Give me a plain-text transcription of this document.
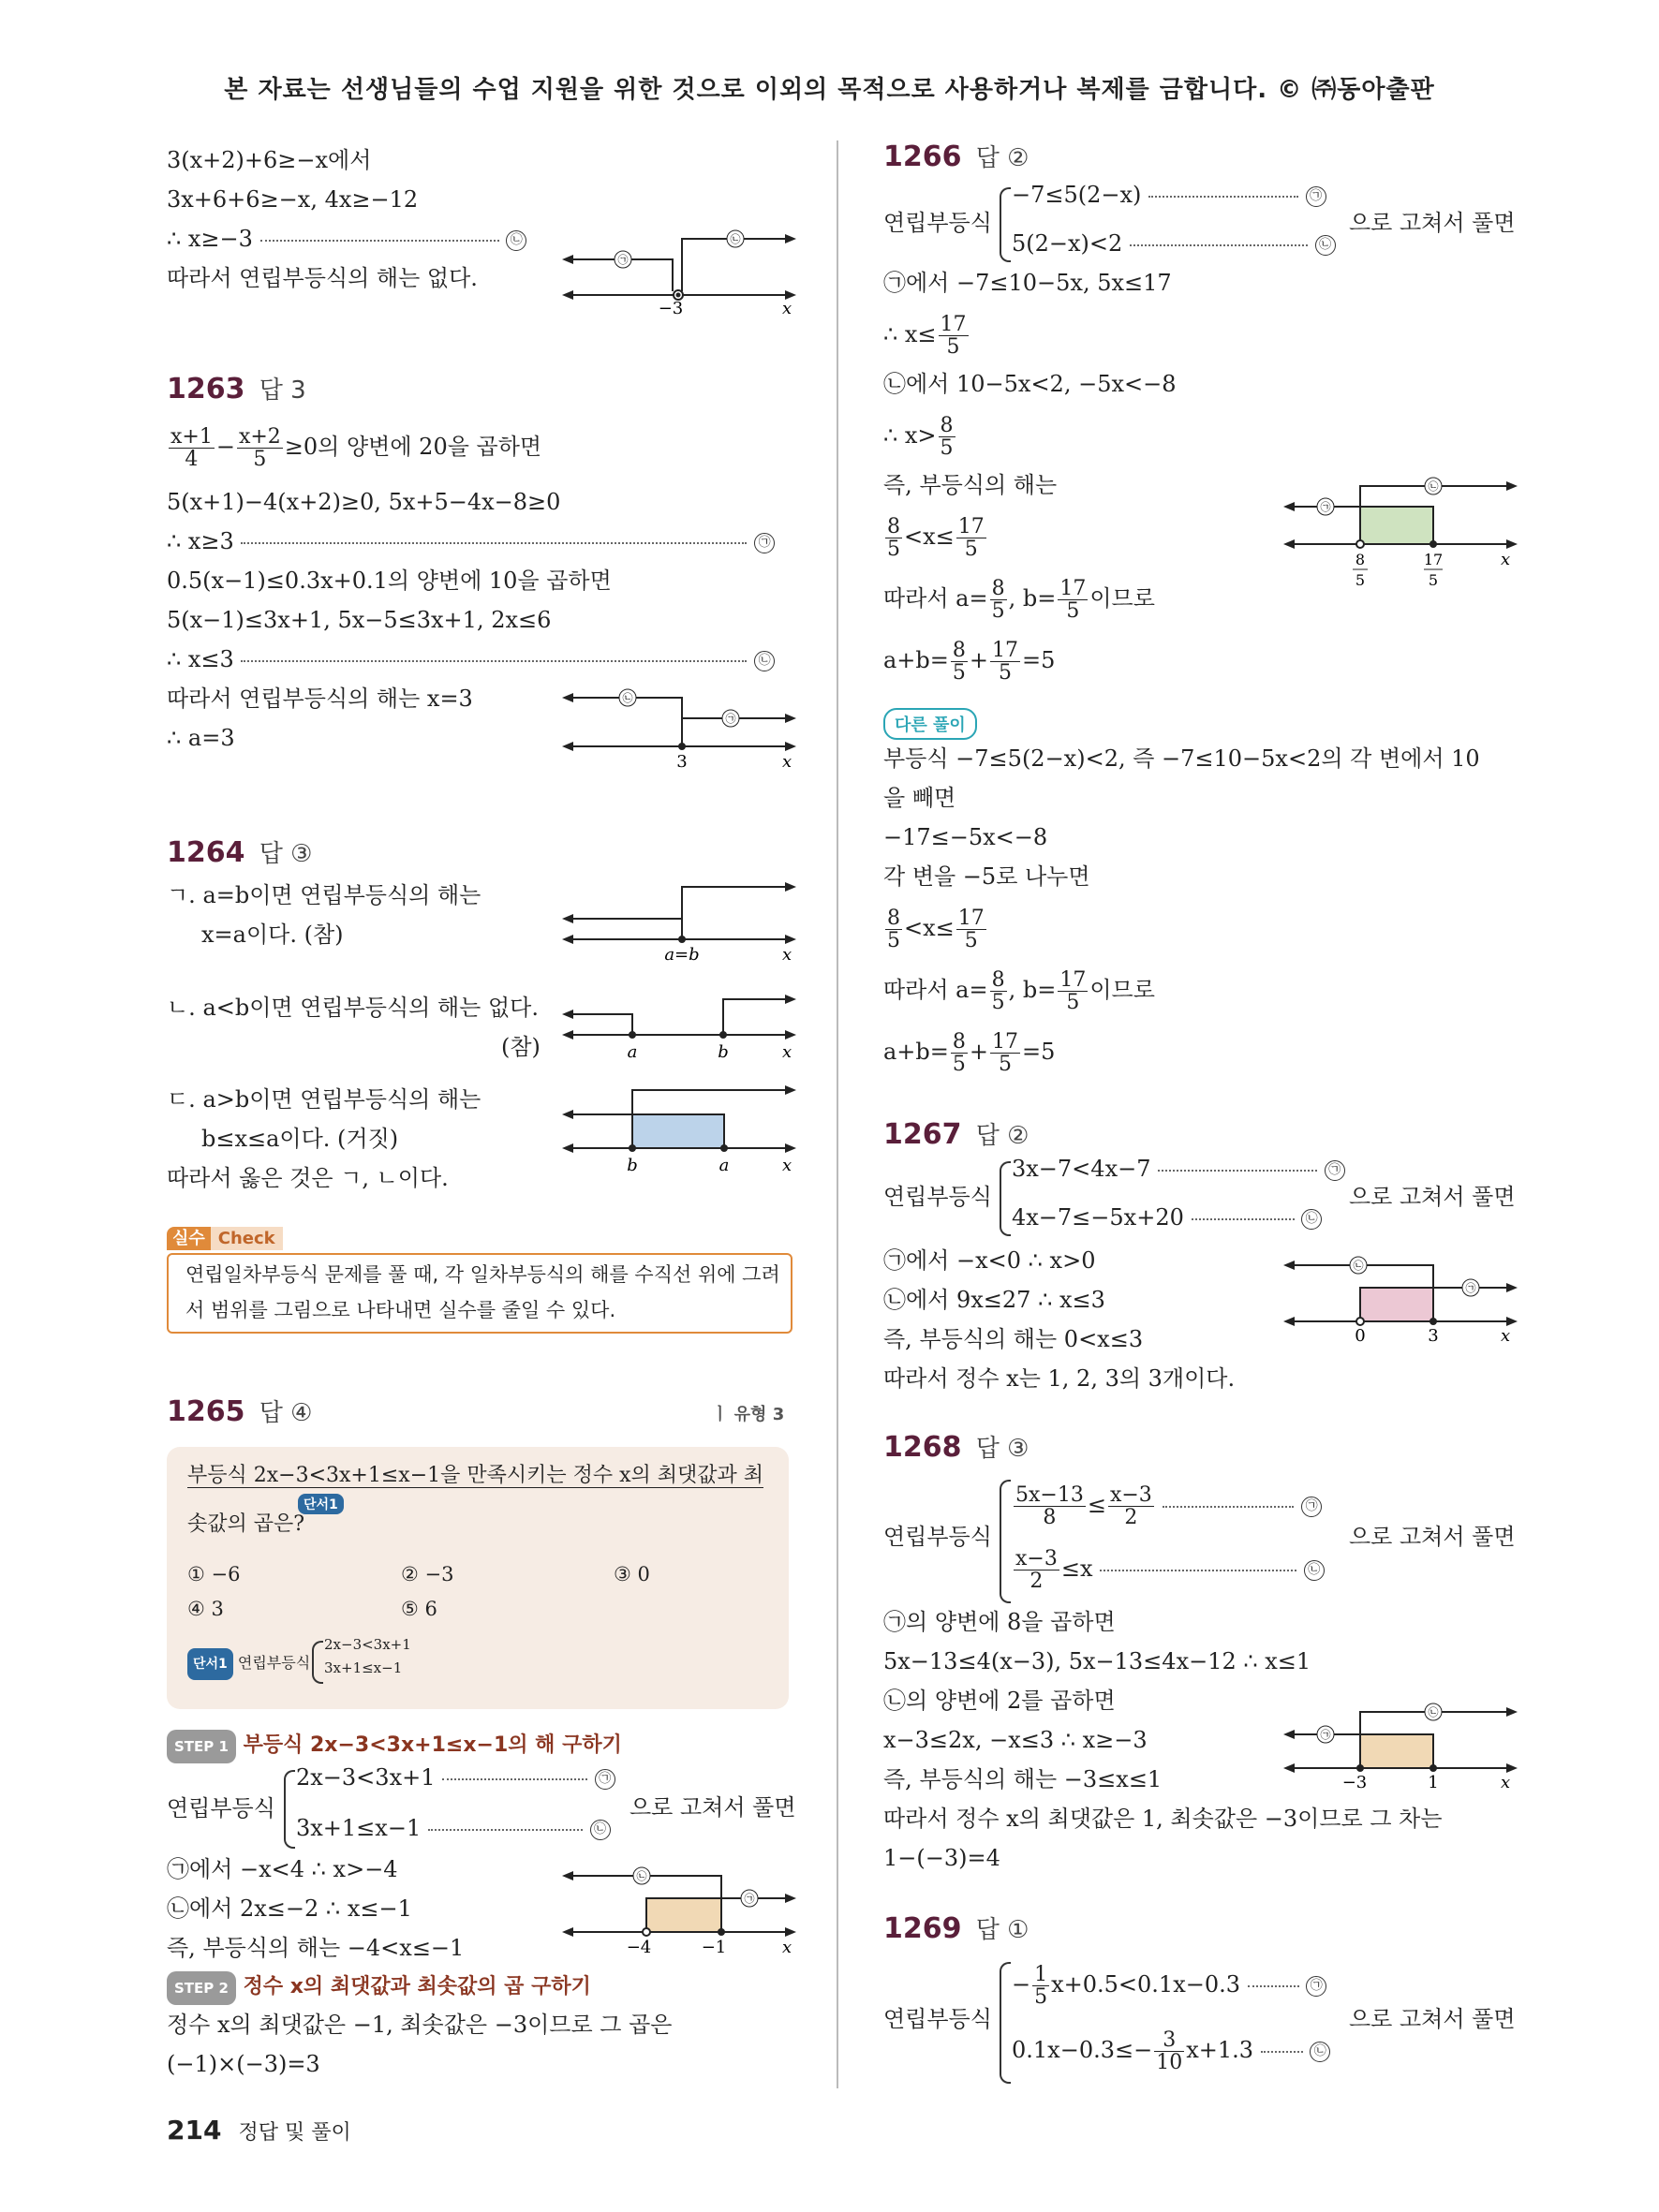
본 자료는 선생님들의 수업 지원을 위한 것으로 이외의 목적으로 사용하거나 복제를 금합니다. © ㈜동아출판
3(x+2)+6≥−x에서
3x+6+6≥−x, 4x≥−12
∴ x≥−3	㉡
따라서 연립부등식의 해는 없다.
㉠
㉡
−3	x
1263 답 3
$\frac{x+1}{4} - \frac{x+2}{5} \ge 0$의 양변에 20을 곱하면
5(x+1)−4(x+2)≥0, 5x+5−4x−8≥0
∴ x≥3	㉠
0.5(x−1)≤0.3x+0.1의 양변에 10을 곱하면
5(x−1)≤3x+1, 5x−5≤3x+1, 2x≤6
∴ x≤3	㉡
따라서 연립부등식의 해는 x=3
∴ a=3
㉡
㉠
3	x
1264 답 ③
ㄱ. a=b이면 연립부등식의 해는
x=a이다. (참)
a=b	x
ㄴ. a<b이면 연립부등식의 해는 없다.
(참)	a	b	x
ㄷ. a>b이면 연립부등식의 해는
b≤x≤a이다. (거짓)
따라서 옳은 것은 ㄱ, ㄴ이다.	b	a	x
실수 Check
연립일차부등식 문제를 풀 때, 각 일차부등식의 해를 수직선 위에 그려
서 범위를 그림으로 나타내면 실수를 줄일 수 있다.
1265 답 ④	ㅣ 유형 3
부등식 2x−3<3x+1≤x−1을 만족시키는 정수 x의 최댓값과 최
단서1
솟값의 곱은?
① −6	② −3	③ 0
④ 3	⑤ 6
단서1 연립부등식
2x−3<3x+1
3x+1≤x−1
STEP 1 부등식 2x−3<3x+1≤x−1의 해 구하기
연립부등식
2x−3<3x+1	㉠
3x+1≤x−1	㉡
으로 고쳐서 풀면
㉠에서 −x<4 ∴ x>−4
㉡에서 2x≤−2 ∴ x≤−1
즉, 부등식의 해는 −4<x≤−1
㉡
㉠
−4	−1	x
STEP 2 정수 x의 최댓값과 최솟값의 곱 구하기
정수 x의 최댓값은 −1, 최솟값은 −3이므로 그 곱은
(−1)×(−3)=3
214 정답 및 풀이
1266 답 ②
연립부등식
−7≤5(2−x)	㉠
5(2−x)<2	㉡
으로 고쳐서 풀면
㉠에서 −7≤10−5x, 5x≤17
∴ $x\le \frac{17}{5}$
㉡에서 10−5x<2, −5x<−8
∴ $x> \frac{8}{5}$
즉, 부등식의 해는
$\frac{8}{5} <x\le \frac{17}{5}$
따라서 $a= \frac{8}{5}$ , $b= \frac{17}{5}$ 이므로
$a+b= \frac{8}{5} + \frac{17}{5} =5$
㉠
㉡
8
5
17
5
x
다른 풀이
부등식 −7≤5(2−x)<2, 즉 −7≤10−5x<2의 각 변에서 10
을 빼면
−17≤−5x<−8
각 변을 −5로 나누면
$\frac{8}{5} <x\le \frac{17}{5}$
따라서 $a= \frac{8}{5}$ , $b= \frac{17}{5}$ 이므로
$a+b= \frac{8}{5} + \frac{17}{5} =5$
1267 답 ②
연립부등식
3x−7<4x−7	㉠
4x−7≤−5x+20	㉡
으로 고쳐서 풀면
㉠에서 −x<0 ∴ x>0
㉡에서 9x≤27 ∴ x≤3
즉, 부등식의 해는 0<x≤3
따라서 정수 x는 1, 2, 3의 3개이다.
㉡
㉠
0	3	x
1268 답 ③
연립부등식
$\frac{5x-13}{8} \le \frac{x-3}{2}$	㉠
$\frac{x-3}{2} \le x$	㉡
으로 고쳐서 풀면
㉠의 양변에 8을 곱하면
5x−13≤4(x−3), 5x−13≤4x−12 ∴ x≤1
㉡의 양변에 2를 곱하면
x−3≤2x, −x≤3 ∴ x≥−3
즉, 부등식의 해는 −3≤x≤1
따라서 정수 x의 최댓값은 1, 최솟값은 −3이므로 그 차는
1−(−3)=4
㉠
㉡
−3	1	x
1269 답 ①
연립부등식
− $\frac{1}{5} x+0.5<0.1x-0.3$	㉠
$0.1x-0.3\le- \frac{3}{10} x+1.3$	㉡
으로 고쳐서 풀면
